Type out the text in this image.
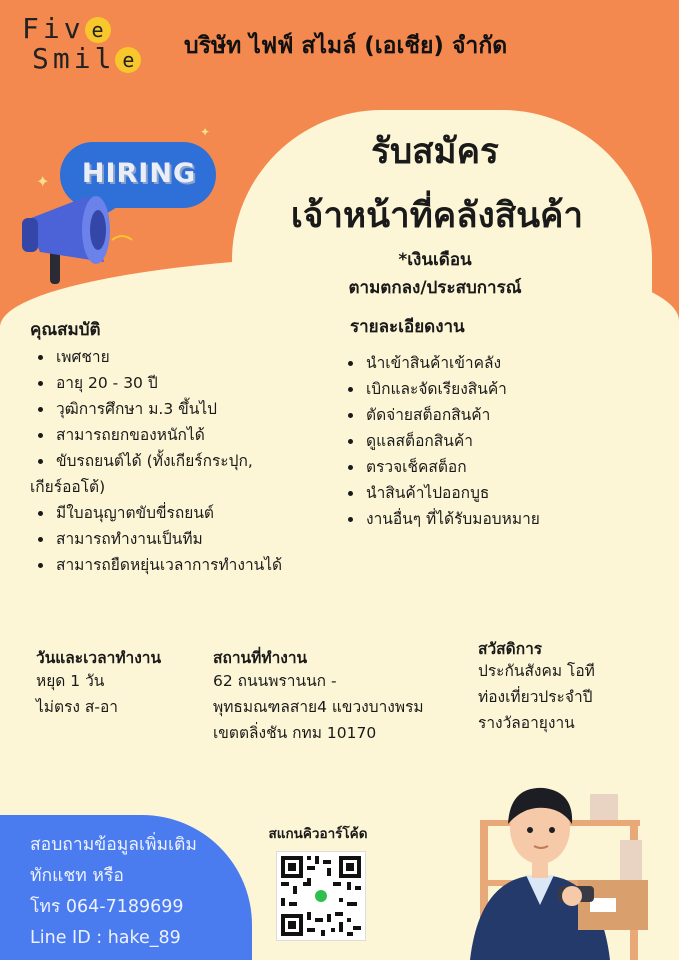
Fiv e
Smil e
บริษัท ไฟฟ์ สไมล์ (เอเชีย) จำกัด
✦
✦
HIRING
รับสมัคร
เจ้าหน้าที่คลังสินค้า
*เงินเดือน
ตามตกลง/ประสบการณ์
คุณสมบัติ
เพศชาย
อายุ 20 - 30 ปี
วุฒิการศึกษา ม.3 ขึ้นไป
สามารถยกของหนักได้
ขับรถยนต์ได้ (ทั้งเกียร์กระปุก,
เกียร์ออโต้)
มีใบอนุญาตขับขี่รถยนต์
สามารถทำงานเป็นทีม
สามารถยืดหยุ่นเวลาการทำงานได้
รายละเอียดงาน
นำเข้าสินค้าเข้าคลัง
เบิกและจัดเรียงสินค้า
ตัดจ่ายสต็อกสินค้า
ดูแลสต็อกสินค้า
ตรวจเช็คสต็อก
นำสินค้าไปออกบูธ
งานอื่นๆ ที่ได้รับมอบหมาย
วันและเวลาทำงาน
หยุด 1 วัน
ไม่ตรง ส-อา
สถานที่ทำงาน
62 ถนนพรานนก -
พุทธมณฑลสาย4 แขวงบางพรม
เขตตลิ่งชัน กทม 10170
สวัสดิการ
ประกันสังคม โอที
ท่องเที่ยวประจำปี
รางวัลอายุงาน
สอบถามข้อมูลเพิ่มเติม
ทักแชท หรือ
โทร 064-7189699
Line ID : hake_89
สแกนคิวอาร์โค้ด
